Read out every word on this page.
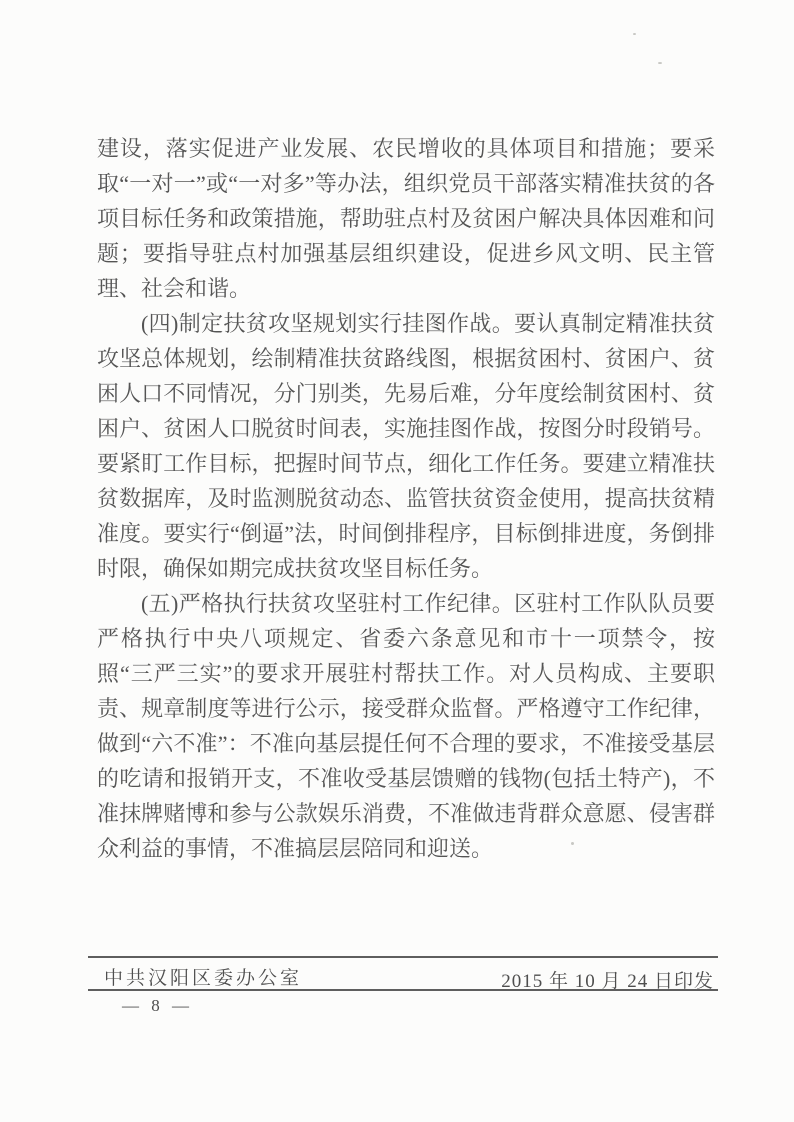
建设，落实促进产业发展、农民增收的具体项目和措施；要采取“一对一”或“一对多”等办法，组织党员干部落实精准扶贫的各项目标任务和政策措施，帮助驻点村及贫困户解决具体因难和问题；要指导驻点村加强基层组织建设，促进乡风文明、民主管理、社会和谐。

(四)制定扶贫攻坚规划实行挂图作战。要认真制定精准扶贫攻坚总体规划，绘制精准扶贫路线图，根据贫困村、贫困户、贫困人口不同情况，分门别类，先易后难，分年度绘制贫困村、贫困户、贫困人口脱贫时间表，实施挂图作战，按图分时段销号。要紧盯工作目标，把握时间节点，细化工作任务。要建立精准扶贫数据库，及时监测脱贫动态、监管扶贫资金使用，提高扶贫精准度。要实行“倒逼”法，时间倒排程序，目标倒排进度，务倒排时限，确保如期完成扶贫攻坚目标任务。

(五)严格执行扶贫攻坚驻村工作纪律。区驻村工作队队员要严格执行中央八项规定、省委六条意见和市十一项禁令，按照“三严三实”的要求开展驻村帮扶工作。对人员构成、主要职责、规章制度等进行公示，接受群众监督。严格遵守工作纪律，做到“六不准”：不准向基层提任何不合理的要求，不准接受基层的吃请和报销开支，不准收受基层馈赠的钱物(包括土特产)，不准抹牌赌博和参与公款娱乐消费，不准做违背群众意愿、侵害群众利益的事情，不准搞层层陪同和迎送。

中共汉阳区委办公室	2015 年 10 月 24 日印发
— 8 —
